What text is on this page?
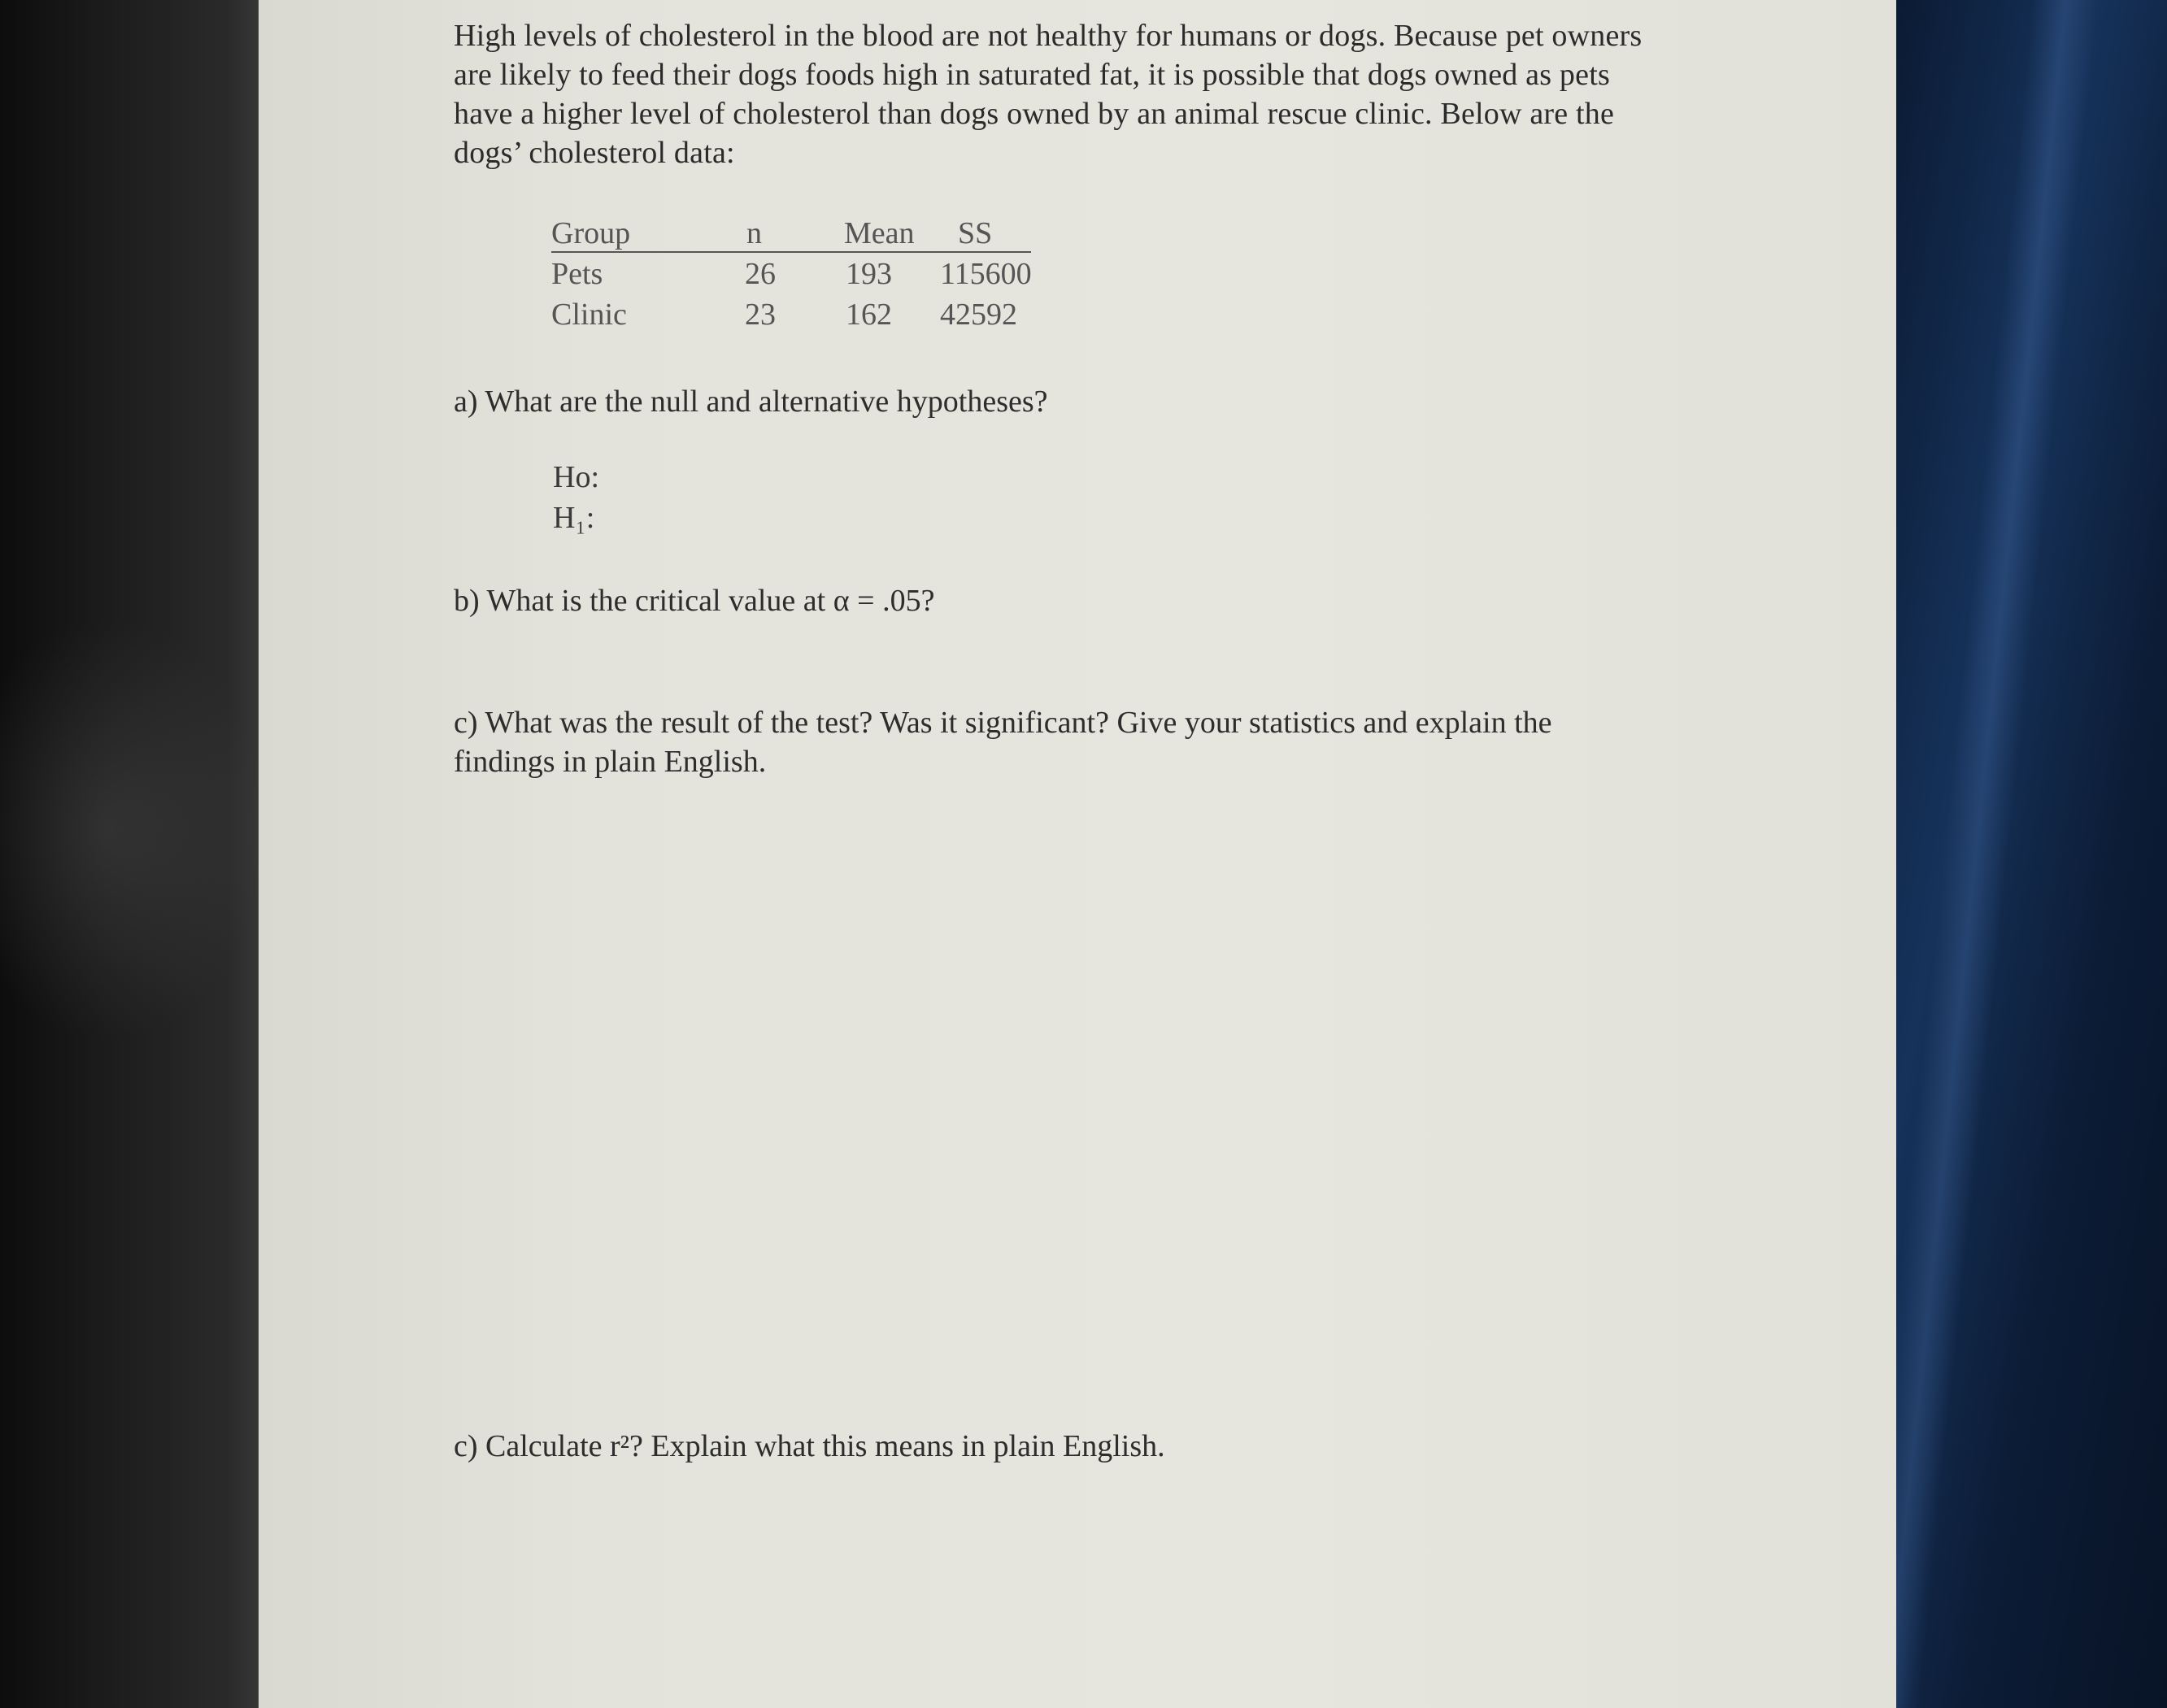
High levels of cholesterol in the blood are not healthy for humans or dogs. Because pet owners
are likely to feed their dogs foods high in saturated fat, it is possible that dogs owned as pets
have a higher level of cholesterol than dogs owned by an animal rescue clinic. Below are the
dogs’ cholesterol data:
Group	n	Mean SS
Pets	26 193 115600
Clinic	23 162 42592
a) What are the null and alternative hypotheses?
Ho:
H₁:
b) What is the critical value at α = .05?
c) What was the result of the test? Was it significant? Give your statistics and explain the
findings in plain English.
c) Calculate r²? Explain what this means in plain English.
